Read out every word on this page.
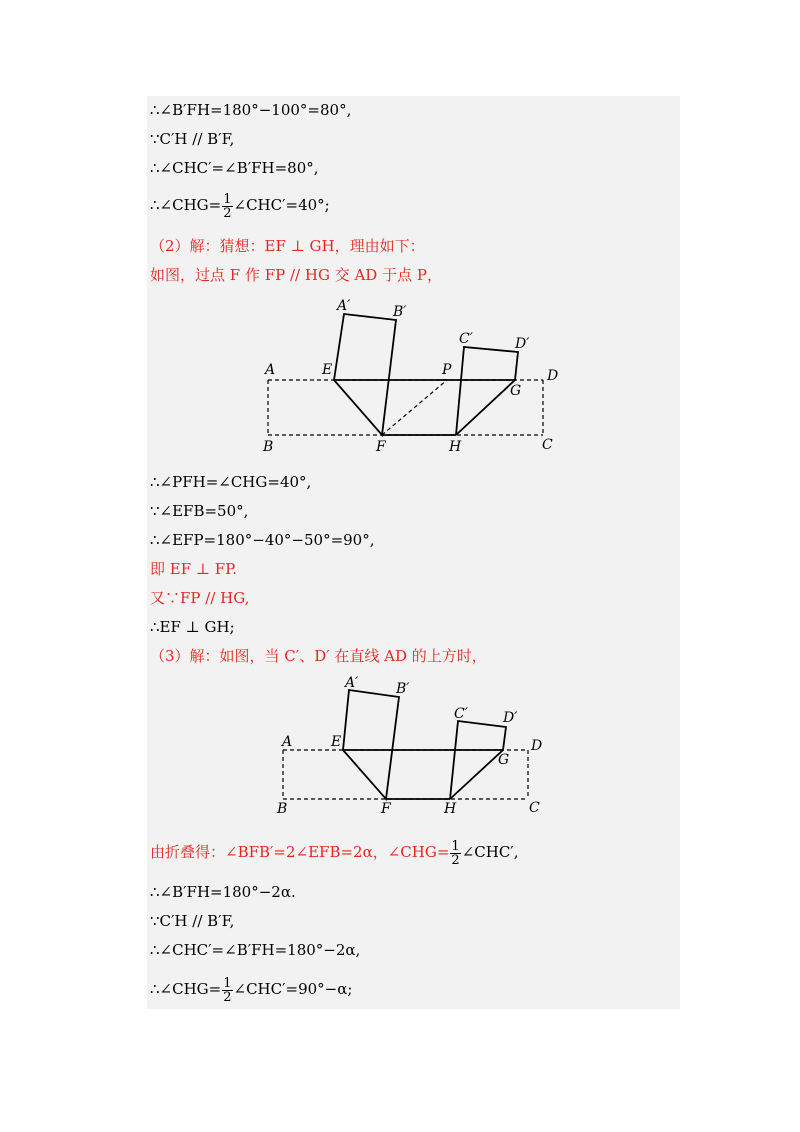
∴∠B′FH=180°−100°=80°,
∵C′H // B′F,
∴∠CHC′=∠B′FH=80°,
∴∠CHG= $\frac{1}{2}$ ∠CHC′=40°;
（2）解：猜想：EF ⊥ GH，理由如下：
如图，过点 F 作 FP // HG 交 AD 于点 P，
A′	B′
C′	D′
A	E	P	D
G
B	F	H	C
∴∠PFH=∠CHG=40°,
∵∠EFB=50°,
∴∠EFP=180°−40°−50°=90°,
即 EF ⊥ FP.
又∵FP // HG,
∴EF ⊥ GH;
（3）解：如图，当 C′、D′ 在直线 AD 的上方时，
A′	B′
C′	D′
A	E	D
G
B	F	H	C
由折叠得：∠BFB′=2∠EFB=2α，∠CHG= $\frac{1}{2}$ ∠CHC′,
∴∠B′FH=180°−2α.
∵C′H // B′F,
∴∠CHC′=∠B′FH=180°−2α,
∴∠CHG= $\frac{1}{2}$ ∠CHC′=90°−α;
